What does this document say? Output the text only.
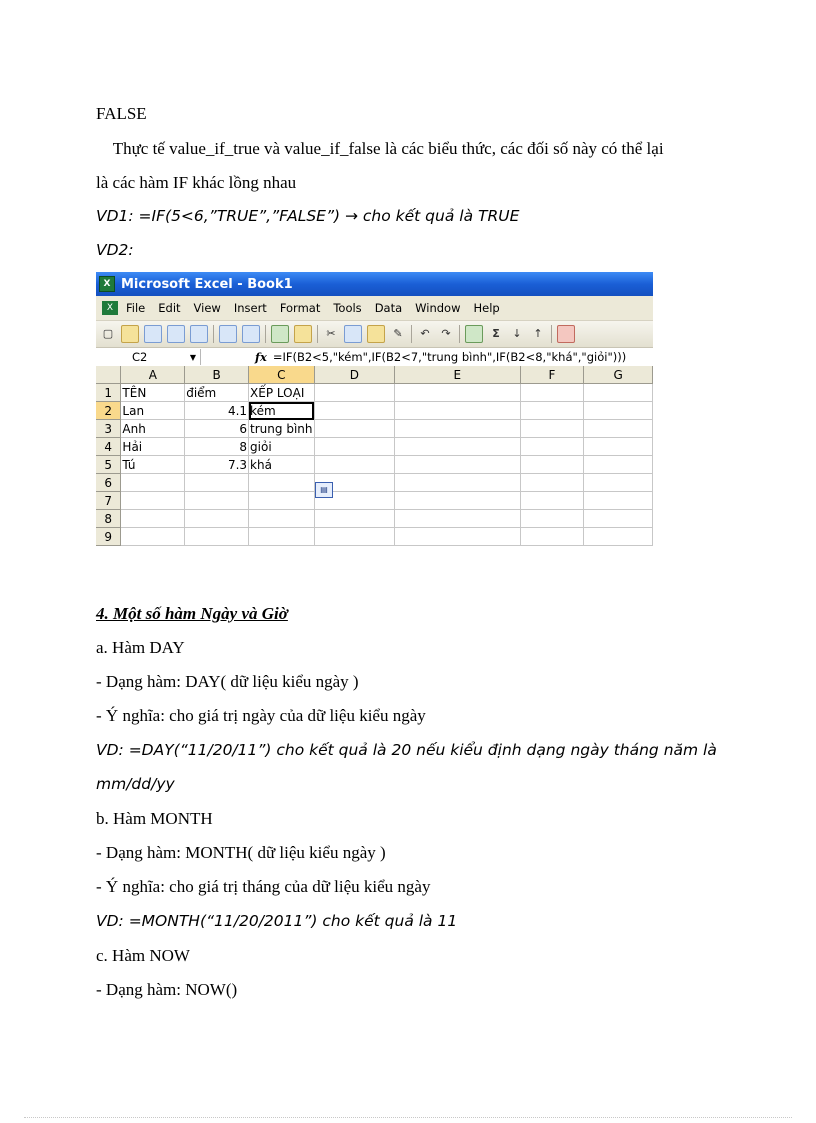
FALSE
Thực tế value_if_true và value_if_false là các biểu thức, các đối số này có thể lại
là các hàm IF khác lồng nhau
VD1: =IF(5<6,”TRUE”,”FALSE”) → cho kết quả là TRUE
VD2:
X Microsoft Excel - Book1
X	File Edit View Insert Format Tools Data Window Help
▢	✂	✎	↶	↷	Σ	↓	↑
C2	▼	fx =IF(B2<5,"kém",IF(B2<7,"trung bình",IF(B2<8,"khá","giỏi")))
	A	B	C	D	E	F	G
1	TÊN	điểm	XẾP LOẠI				
2	Lan	4.1	kém				
3	Anh	6	trung bình				
4	Hải	8	giỏi				
5	Tú	7.3	khá				
6							
7							
8							
9							
▤
4. Một số hàm Ngày và Giờ
a. Hàm DAY
- Dạng hàm: DAY( dữ liệu kiểu ngày )
- Ý nghĩa: cho giá trị ngày của dữ liệu kiểu ngày
VD: =DAY(“11/20/11”) cho kết quả là 20 nếu kiểu định dạng ngày tháng năm là
mm/dd/yy
b. Hàm MONTH
- Dạng hàm: MONTH( dữ liệu kiểu ngày )
- Ý nghĩa: cho giá trị tháng của dữ liệu kiểu ngày
VD: =MONTH(“11/20/2011”) cho kết quả là 11
c. Hàm NOW
- Dạng hàm: NOW()
